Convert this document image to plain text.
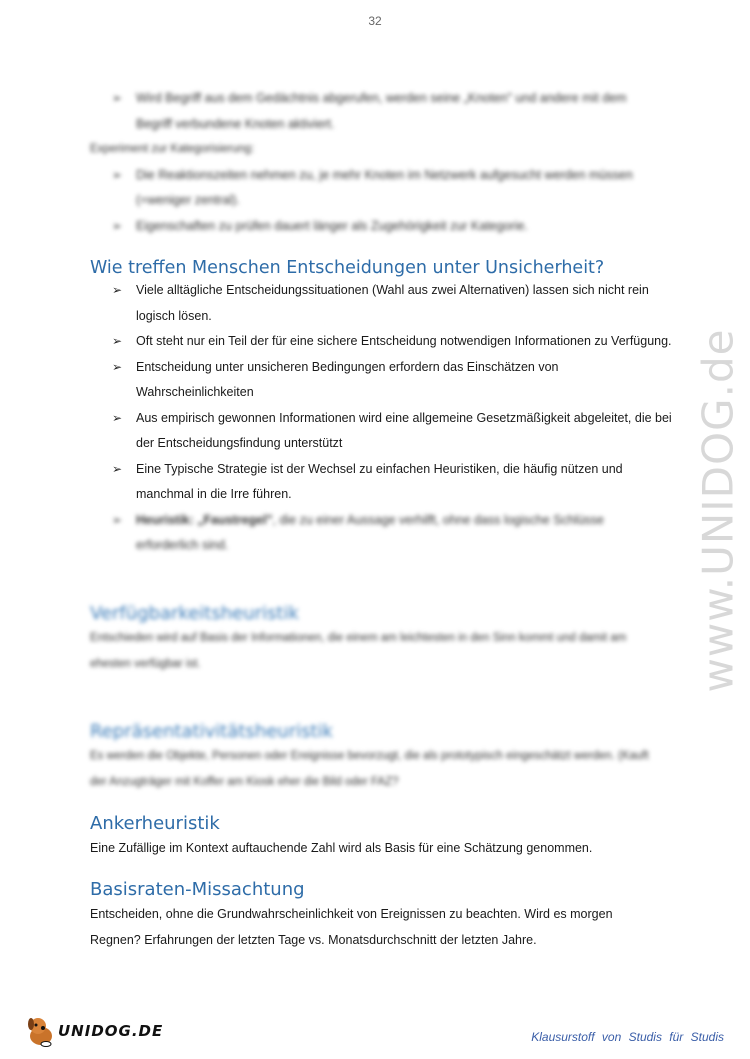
32
➢ Wird Begriff aus dem Gedächtnis abgerufen, werden seine „Knoten" und andere mit dem Begriff verbundene Knoten aktiviert.

Experiment zur Kategorisierung:

➢ Die Reaktionszeiten nehmen zu, je mehr Knoten im Netzwerk aufgesucht werden müssen (=weniger zentral).
➢ Eigenschaften zu prüfen dauert länger als Zugehörigkeit zur Kategorie.
Wie treffen Menschen Entscheidungen unter Unsicherheit?
➢ Viele alltägliche Entscheidungssituationen (Wahl aus zwei Alternativen) lassen sich nicht rein logisch lösen.
➢ Oft steht nur ein Teil der für eine sichere Entscheidung notwendigen Informationen zu Verfügung.
➢ Entscheidung unter unsicheren Bedingungen erfordern das Einschätzen von Wahrscheinlichkeiten
➢ Aus empirisch gewonnen Informationen wird eine allgemeine Gesetzmäßigkeit abgeleitet, die bei der Entscheidungsfindung unterstützt
➢ Eine Typische Strategie ist der Wechsel zu einfachen Heuristiken, die häufig nützen und manchmal in die Irre führen.
➢ Heuristik: „Faustregel", die zu einer Aussage verhilft, ohne dass logische Schlüsse erforderlich sind.
Verfügbarkeitsheuristik

Entschieden wird auf Basis der Informationen, die einem am leichtesten in den Sinn kommt und damit am ehesten verfügbar ist.

Repräsentativitätsheuristik

Es werden die Objekte, Personen oder Ereignisse bevorzugt, die als prototypisch eingeschätzt werden. (Kauft der Anzugträger mit Koffer am Kiosk eher die Bild oder FAZ?

Ankerheuristik

Eine Zufällige im Kontext auftauchende Zahl wird als Basis für eine Schätzung genommen.

Basisraten-Missachtung

Entscheiden, ohne die Grundwahrscheinlichkeit von Ereignissen zu beachten. Wird es morgen Regnen? Erfahrungen der letzten Tage vs. Monatsdurchschnitt der letzten Jahre.

www.UNIDOG.de
UNIDOG.DE	Klausurstoff von Studis für Studis
